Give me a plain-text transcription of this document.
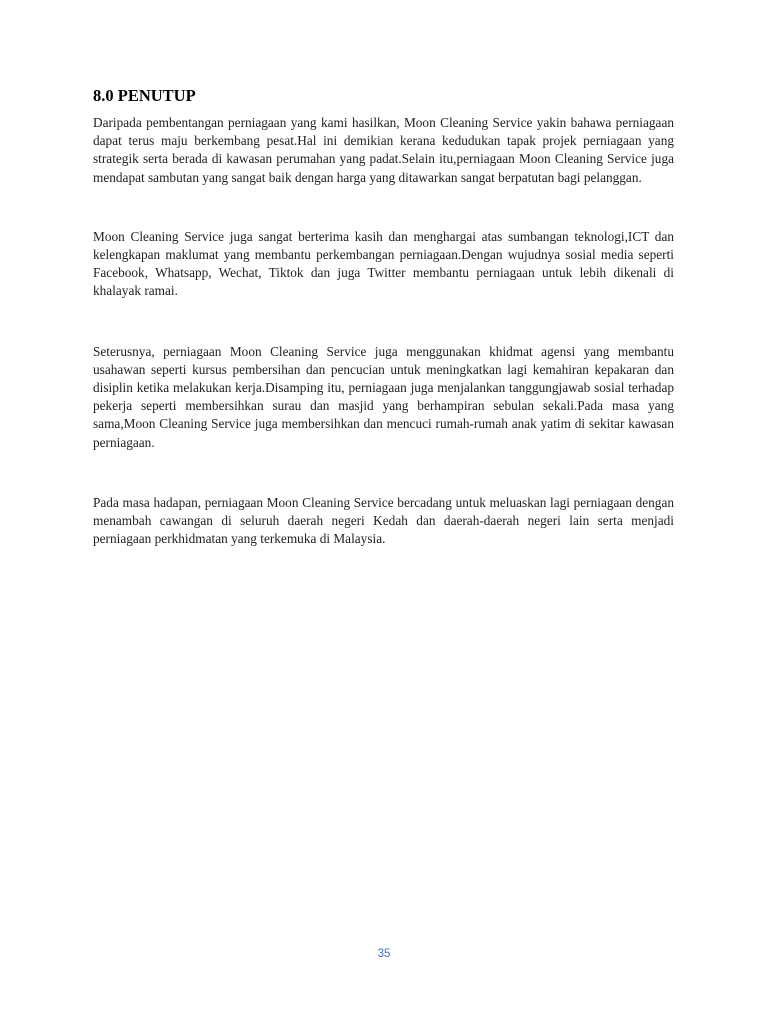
8.0 PENUTUP

Daripada pembentangan perniagaan yang kami hasilkan, Moon Cleaning Service yakin bahawa perniagaan dapat terus maju berkembang pesat.Hal ini demikian kerana kedudukan tapak projek perniagaan yang strategik serta berada di kawasan perumahan yang padat.Selain itu,perniagaan Moon Cleaning Service juga mendapat sambutan yang sangat baik dengan harga yang ditawarkan sangat berpatutan bagi pelanggan.

Moon Cleaning Service juga sangat berterima kasih dan menghargai atas sumbangan teknologi,ICT dan kelengkapan maklumat yang membantu perkembangan perniagaan.Dengan wujudnya sosial media seperti Facebook, Whatsapp, Wechat, Tiktok dan juga Twitter membantu perniagaan untuk lebih dikenali di khalayak ramai.

Seterusnya, perniagaan Moon Cleaning Service juga menggunakan khidmat agensi yang membantu usahawan seperti kursus pembersihan dan pencucian untuk meningkatkan lagi kemahiran kepakaran dan disiplin ketika melakukan kerja.Disamping itu, perniagaan juga menjalankan tanggungjawab sosial terhadap pekerja seperti membersihkan surau dan masjid yang berhampiran sebulan sekali.Pada masa yang sama,Moon Cleaning Service juga membersihkan dan mencuci rumah-rumah anak yatim di sekitar kawasan perniagaan.

Pada masa hadapan, perniagaan Moon Cleaning Service bercadang untuk meluaskan lagi perniagaan dengan menambah cawangan di seluruh daerah negeri Kedah dan daerah-daerah negeri lain serta menjadi perniagaan perkhidmatan yang terkemuka di Malaysia.

35
